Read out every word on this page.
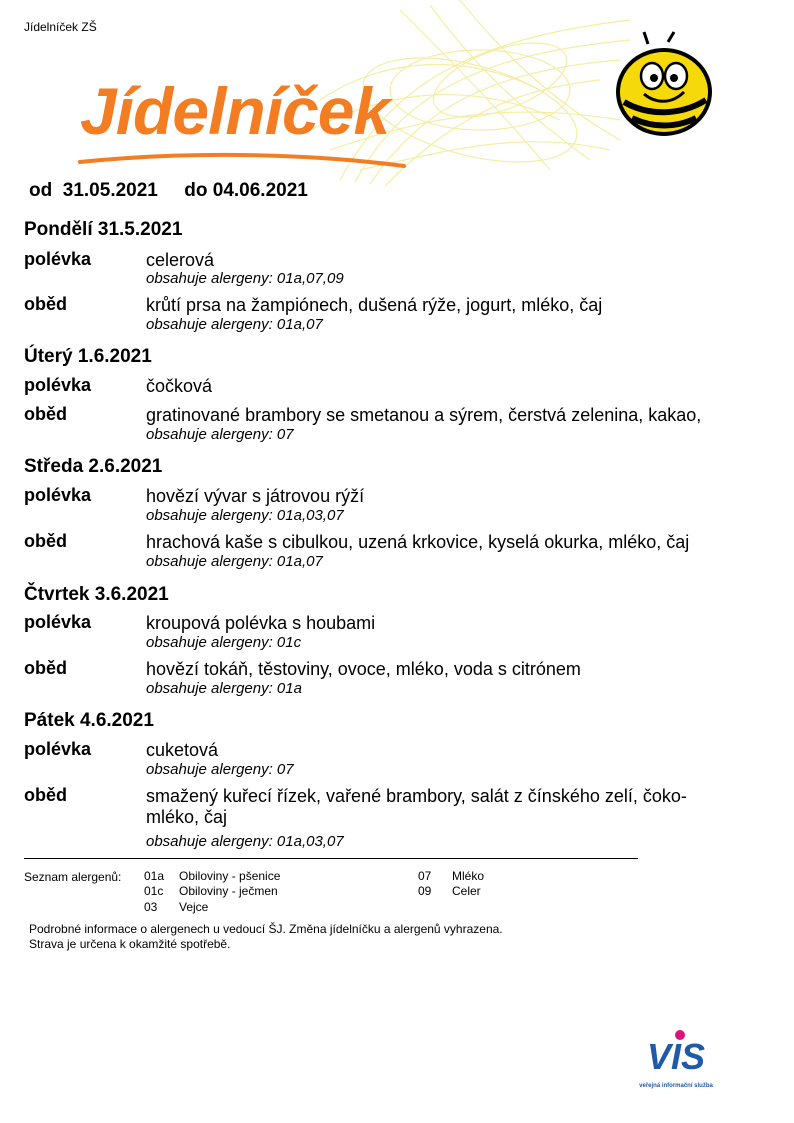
Jídelníček ZŠ
Jídelníček
od  31.05.2021     do 04.06.2021
Pondělí 31.5.2021
polévka	celerová
obsahuje alergeny: 01a,07,09
oběd	krůtí prsa na žampiónech, dušená rýže, jogurt, mléko, čaj
obsahuje alergeny: 01a,07
Úterý 1.6.2021
polévka	čočková
oběd	gratinované brambory se smetanou a sýrem, čerstvá zelenina, kakao,
obsahuje alergeny: 07
Středa 2.6.2021
polévka	hovězí vývar s játrovou rýží
obsahuje alergeny: 01a,03,07
oběd	hrachová kaše s cibulkou, uzená krkovice, kyselá okurka, mléko, čaj
obsahuje alergeny: 01a,07
Čtvrtek 3.6.2021
polévka	kroupová polévka s houbami
obsahuje alergeny: 01c
oběd	hovězí tokáň, těstoviny, ovoce, mléko, voda s citrónem
obsahuje alergeny: 01a
Pátek 4.6.2021
polévka	cuketová
obsahuje alergeny: 07
oběd	smažený kuřecí řízek, vařené brambory, salát z čínského zelí, čoko-mléko, čaj
obsahuje alergeny: 01a,03,07
Seznam alergenů: 01a Obiloviny - pšenice
01c Obiloviny - ječmen
03 Vejce
07 Mléko
09 Celer
Podrobné informace o alergenech u vedoucí ŠJ. Změna jídelníčku a alergenů vyhrazena.
Strava je určena k okamžité spotřebě.
VIS
veřejná informační služba
